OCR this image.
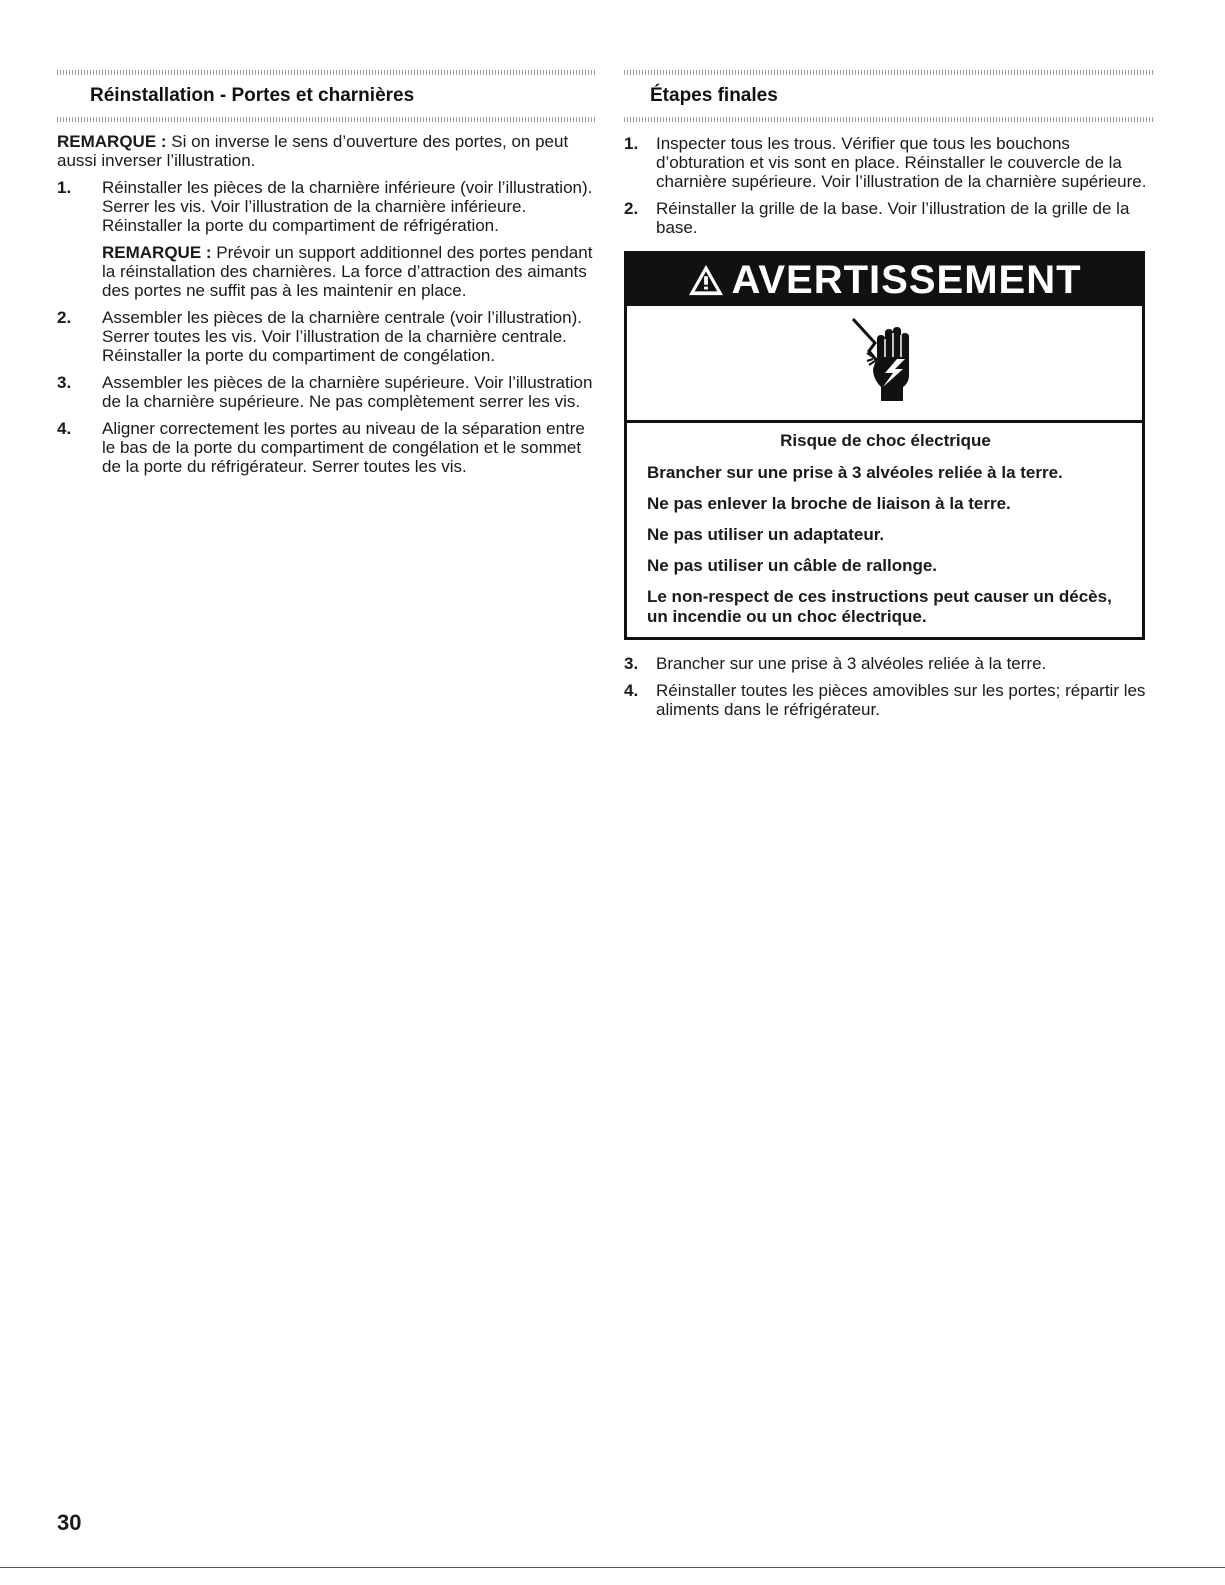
Réinstallation - Portes et charnières

REMARQUE : Si on inverse le sens d’ouverture des portes, on peut aussi inverser l’illustration.

1.	Réinstaller les pièces de la charnière inférieure (voir l’illustration). Serrer les vis. Voir l’illustration de la charnière inférieure. Réinstaller la porte du compartiment de réfrigération.
REMARQUE : Prévoir un support additionnel des portes pendant la réinstallation des charnières. La force d’attraction des aimants des portes ne suffit pas à les maintenir en place.
2.	Assembler les pièces de la charnière centrale (voir l’illustration). Serrer toutes les vis. Voir l’illustration de la charnière centrale. Réinstaller la porte du compartiment de congélation.
3.	Assembler les pièces de la charnière supérieure. Voir l’illustration de la charnière supérieure. Ne pas complètement serrer les vis.
4.	Aligner correctement les portes au niveau de la séparation entre le bas de la porte du compartiment de congélation et le sommet de la porte du réfrigérateur. Serrer toutes les vis.
Étapes finales
1.	Inspecter tous les trous. Vérifier que tous les bouchons d’obturation et vis sont en place. Réinstaller le couvercle de la charnière supérieure. Voir l’illustration de la charnière supérieure.
2.	Réinstaller la grille de la base. Voir l’illustration de la grille de la base.
AVERTISSEMENT
Risque de choc électrique
Brancher sur une prise à 3 alvéoles reliée à la terre.
Ne pas enlever la broche de liaison à la terre.
Ne pas utiliser un adaptateur.
Ne pas utiliser un câble de rallonge.
Le non-respect de ces instructions peut causer un décès, un incendie ou un choc électrique.
3.	Brancher sur une prise à 3 alvéoles reliée à la terre.
4.	Réinstaller toutes les pièces amovibles sur les portes; répartir les aliments dans le réfrigérateur.
30
